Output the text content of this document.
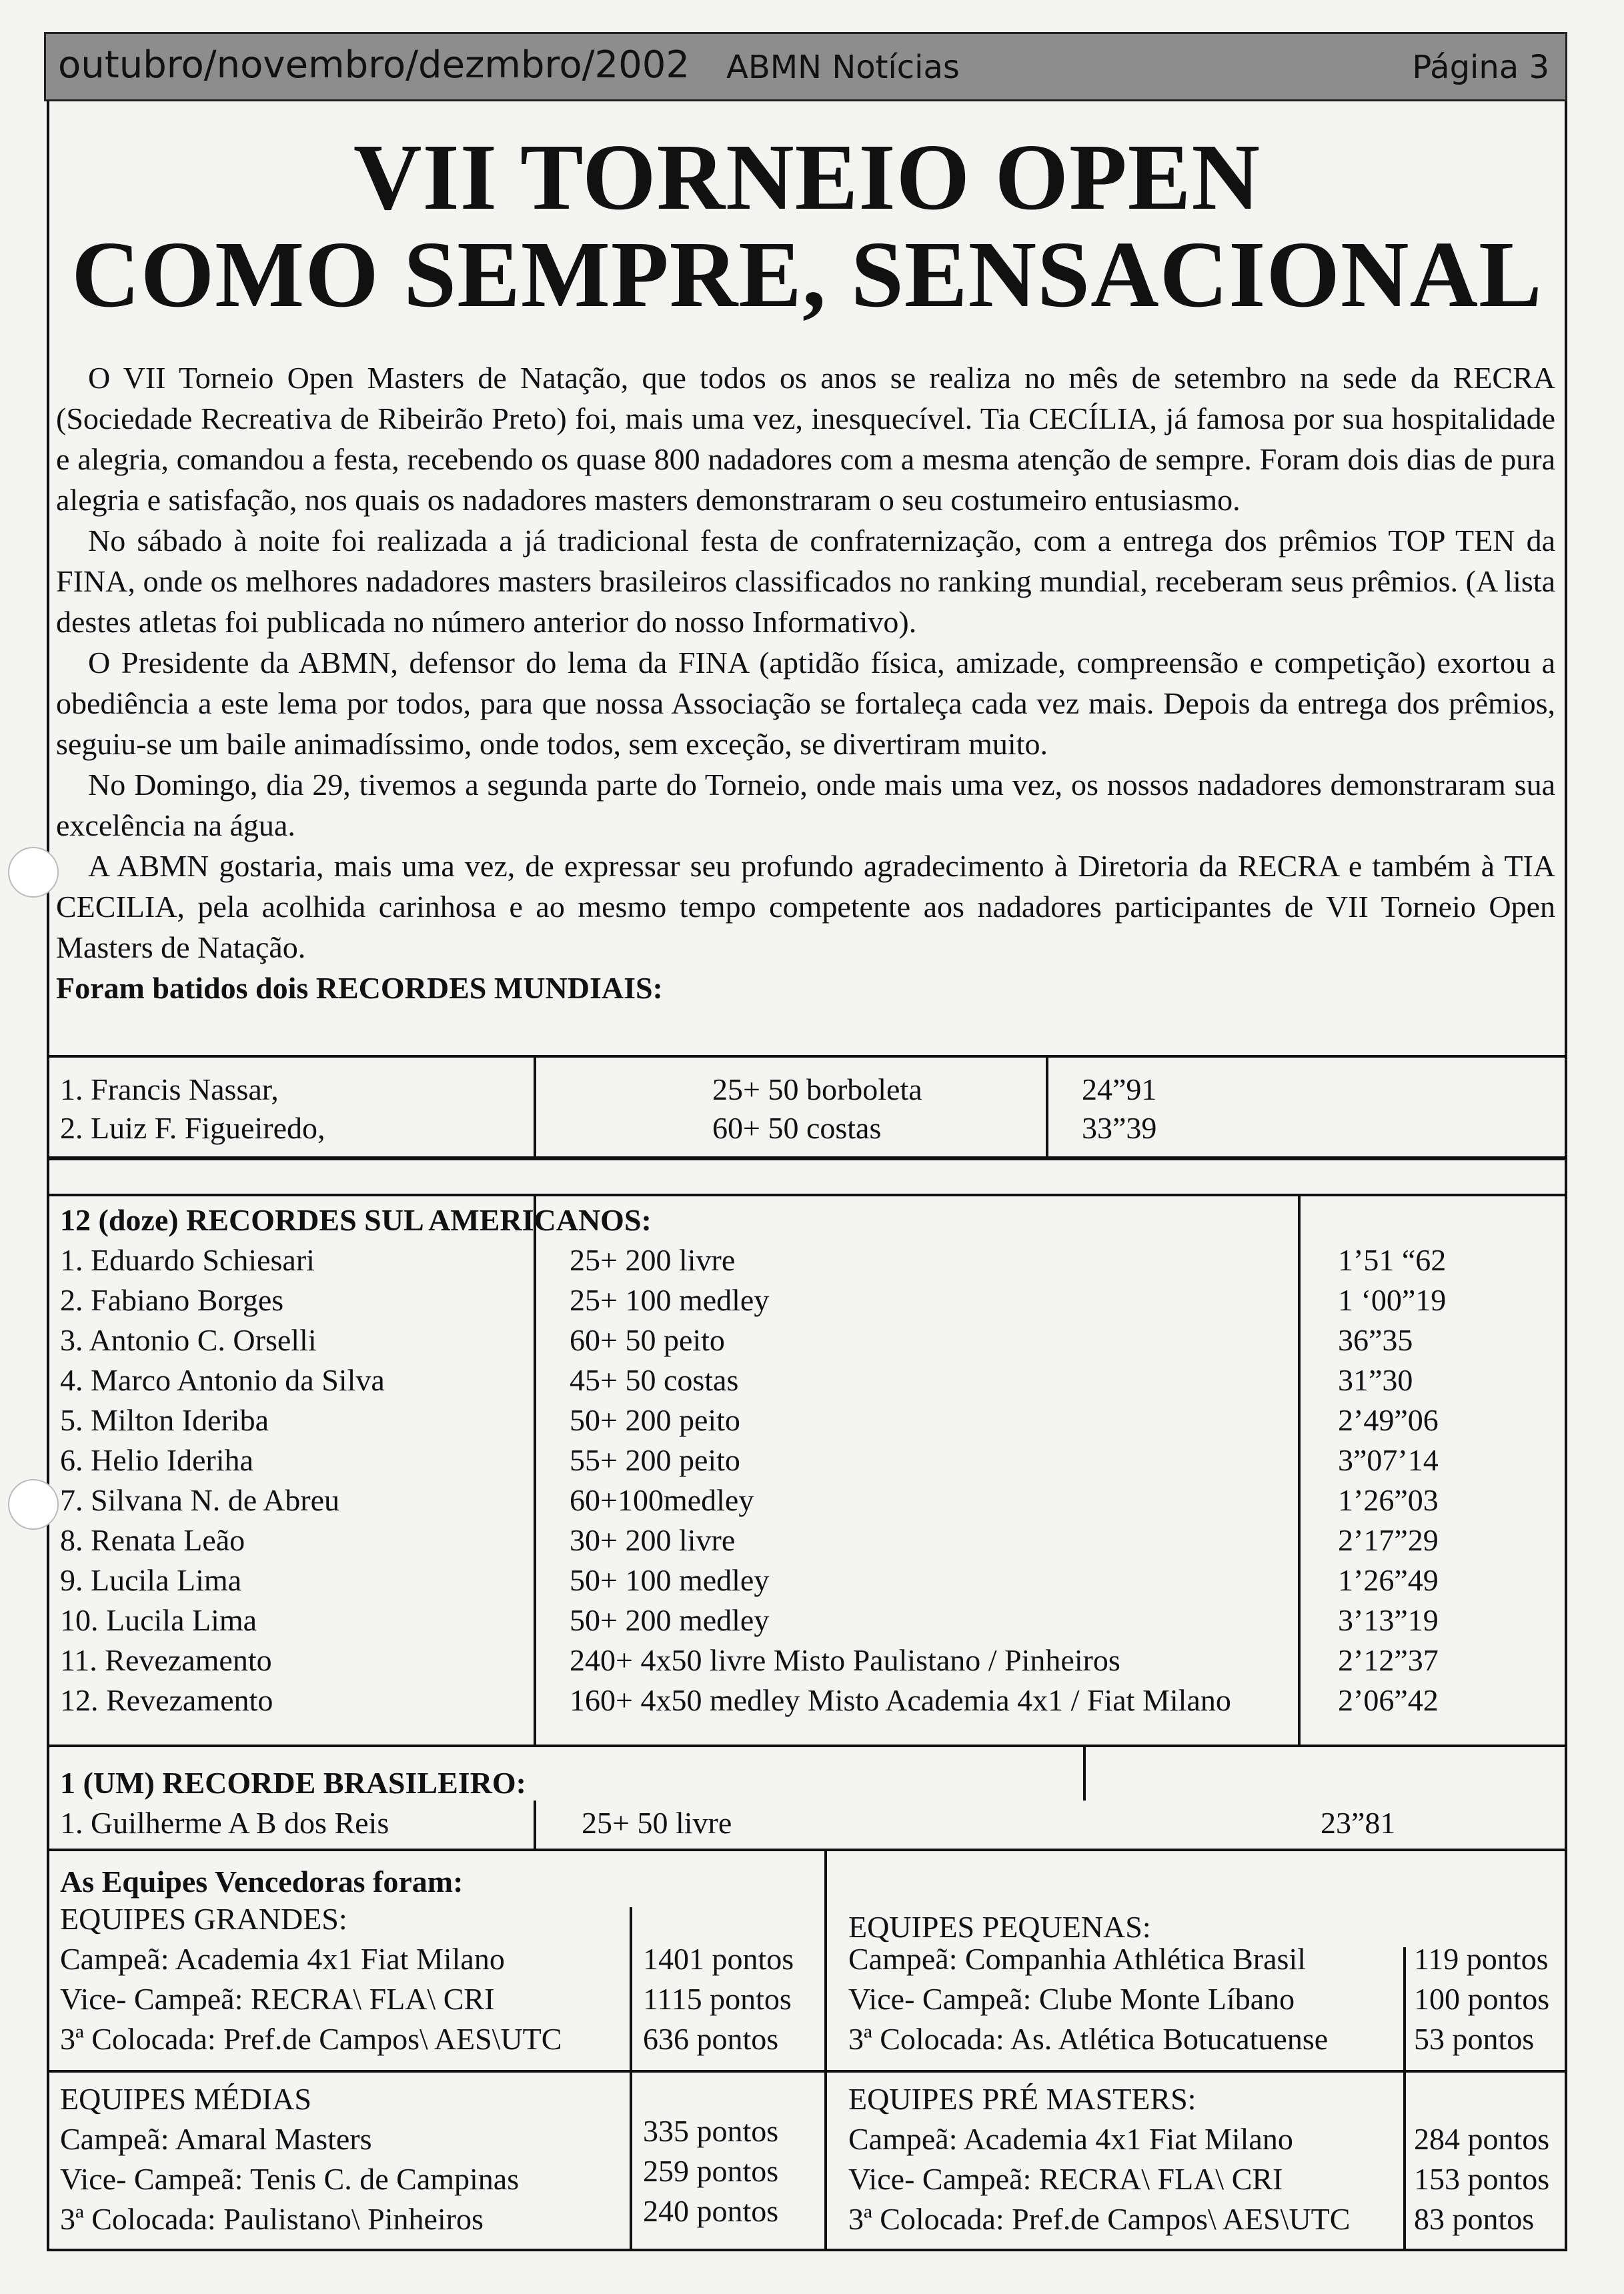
outubro/novembro/dezmbro/2002 ABMN Notícias	Página 3
VII TORNEIO OPEN
COMO SEMPRE, SENSACIONAL

O VII Torneio Open Masters de Natação, que todos os anos se realiza no mês de setembro na sede da RECRA (Sociedade Recreativa de Ribeirão Preto) foi, mais uma vez, inesquecível. Tia CECÍLIA, já famosa por sua hospitalidade e alegria, comandou a festa, recebendo os quase 800 nadadores com a mesma atenção de sempre. Foram dois dias de pura alegria e satisfação, nos quais os nadadores masters demonstraram o seu costumeiro entusiasmo.

No sábado à noite foi realizada a já tradicional festa de confraternização, com a entrega dos prêmios TOP TEN da FINA, onde os melhores nadadores masters brasileiros classificados no ranking mundial, receberam seus prêmios. (A lista destes atletas foi publicada no número anterior do nosso Informativo).

O Presidente da ABMN, defensor do lema da FINA (aptidão física, amizade, compreensão e competição) exortou a obediência a este lema por todos, para que nossa Associação se fortaleça cada vez mais. Depois da entrega dos prêmios, seguiu-se um baile animadíssimo, onde todos, sem exceção, se divertiram muito.

No Domingo, dia 29, tivemos a segunda parte do Torneio, onde mais uma vez, os nossos nadadores demonstraram sua excelência na água.

A ABMN gostaria, mais uma vez, de expressar seu profundo agradecimento à Diretoria da RECRA e também à TIA CECILIA, pela acolhida carinhosa e ao mesmo tempo competente aos nadadores participantes de VII Torneio Open Masters de Natação.

Foram batidos dois RECORDES MUNDIAIS:

1. Francis Nassar,	25+ 50 borboleta	24”91
2. Luiz F. Figueiredo,	60+ 50 costas	33”39
12 (doze) RECORDES SUL AMERICANOS:
1. Eduardo Schiesari	25+ 200 livre	1’51 “62
2. Fabiano Borges	25+ 100 medley	1 ‘00”19
3. Antonio C. Orselli	60+ 50 peito	36”35
4. Marco Antonio da Silva	45+ 50 costas	31”30
5. Milton Ideriba	50+ 200 peito	2’49”06
6. Helio Ideriha	55+ 200 peito	3”07’14
7. Silvana N. de Abreu	60+100medley	1’26”03
8. Renata Leão	30+ 200 livre	2’17”29
9. Lucila Lima	50+ 100 medley	1’26”49
10. Lucila Lima	50+ 200 medley	3’13”19
11. Revezamento	240+ 4x50 livre Misto Paulistano / Pinheiros	2’12”37
12. Revezamento	160+ 4x50 medley Misto Academia 4x1 / Fiat Milano	2’06”42
1 (UM) RECORDE BRASILEIRO:
1. Guilherme A B dos Reis	25+ 50 livre	23”81
As Equipes Vencedoras foram:
EQUIPES GRANDES:
Campeã: Academia 4x1 Fiat Milano	1401 pontos
Vice- Campeã: RECRA\ FLA\ CRI	1115 pontos
3ª Colocada: Pref.de Campos\ AES\UTC	636 pontos
EQUIPES PEQUENAS:
Campeã: Companhia Athlética Brasil	119 pontos
Vice- Campeã: Clube Monte Líbano	100 pontos
3ª Colocada: As. Atlética Botucatuense	53 pontos
EQUIPES MÉDIAS
Campeã: Amaral Masters	335 pontos
Vice- Campeã: Tenis C. de Campinas	259 pontos
3ª Colocada: Paulistano\ Pinheiros	240 pontos
EQUIPES PRÉ MASTERS:
Campeã: Academia 4x1 Fiat Milano	284 pontos
Vice- Campeã: RECRA\ FLA\ CRI	153 pontos
3ª Colocada: Pref.de Campos\ AES\UTC 83 pontos
